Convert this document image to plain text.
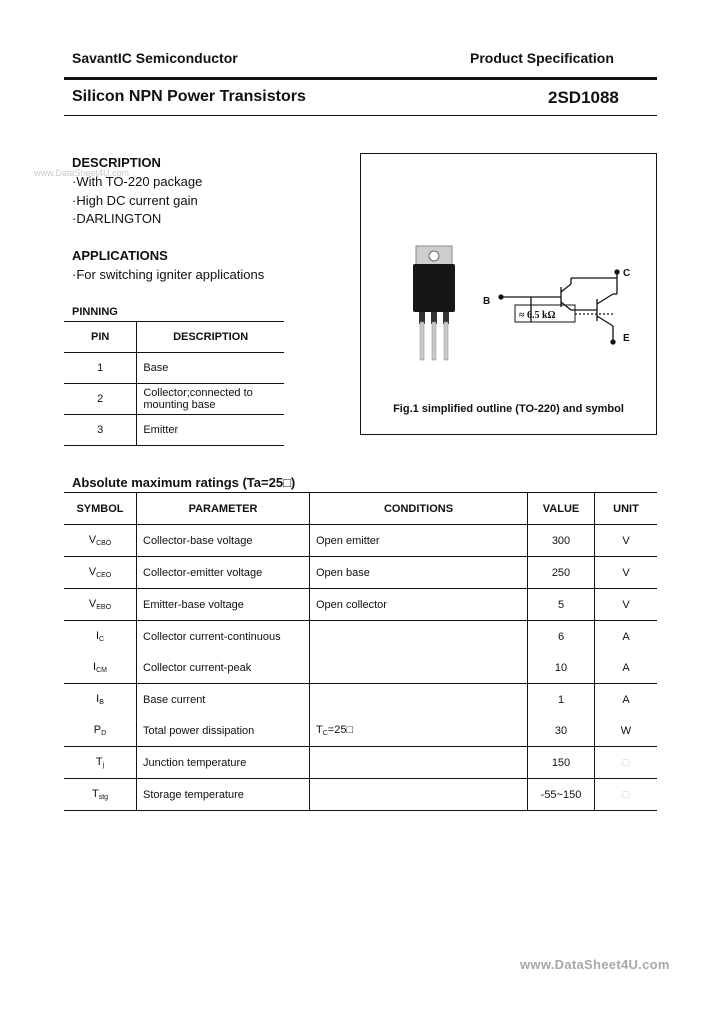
SavantIC Semiconductor	Product Specification
Silicon NPN Power Transistors	2SD1088
www.DataSheet4U.com
DESCRIPTION
·With TO-220 package
·High DC current gain
·DARLINGTON
APPLICATIONS
·For switching igniter applications
PINNING
PIN	DESCRIPTION
1	Base
2	Collector;connected to mounting base
3	Emitter
C
B
E
≈ 6.5 kΩ
Fig.1 simplified outline (TO-220) and symbol
Absolute maximum ratings (Ta=25□)
SYMBOL	PARAMETER	CONDITIONS	VALUE	UNIT
$V_{CBO}$	Collector-base voltage	Open emitter	300	V
$V_{CEO}$	Collector-emitter voltage	Open base	250	V
$V_{EBO}$	Emitter-base voltage	Open collector	5	V
$I_C$	Collector current-continuous		6	A
$I_{CM}$	Collector current-peak		10	A
$I_B$	Base current		1	A
$P_D$	Total power dissipation	$T_C=25□$	30	W
$T_j$	Junction temperature		150	□
$T_{stg}$	Storage temperature		-55~150	□
www.DataSheet4U.com
